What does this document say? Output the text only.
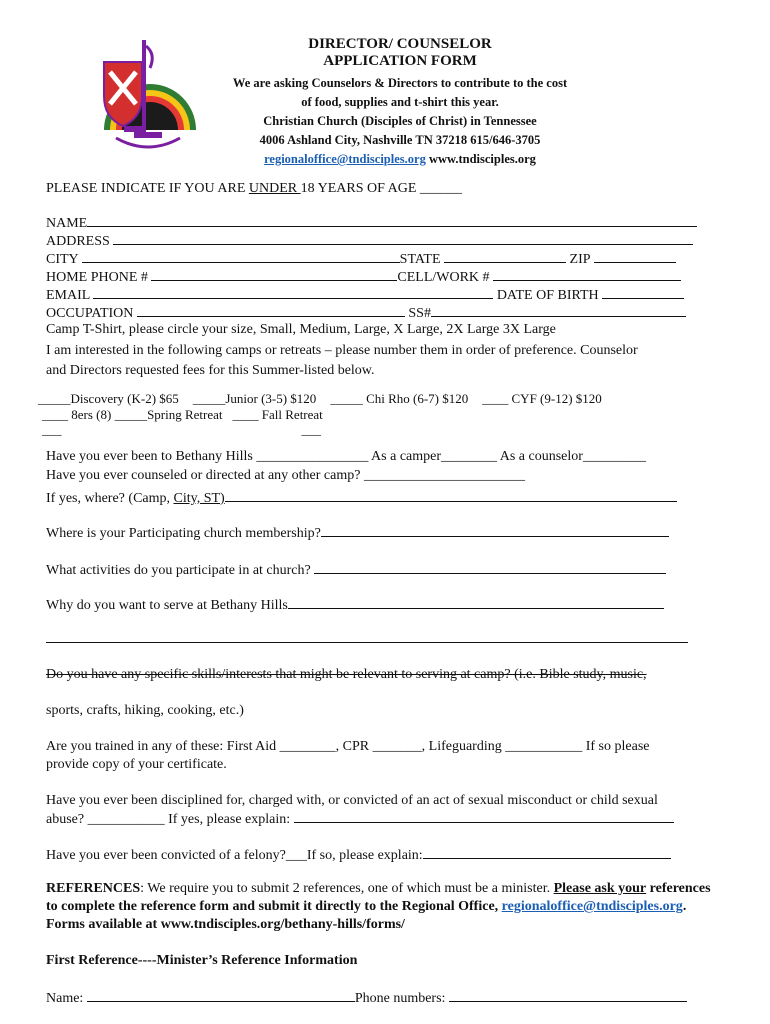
DIRECTOR/ COUNSELOR
APPLICATION FORM
We are asking Counselors & Directors to contribute to the cost
of food, supplies and t-shirt this year.
Christian Church (Disciples of Christ) in Tennessee
4006 Ashland City, Nashville TN 37218 615/646-3705
regionaloffice@tndisciples.org www.tndisciples.org
PLEASE INDICATE IF YOU ARE UNDER 18 YEARS OF AGE ______
NAME
ADDRESS
CITY	STATE	ZIP
HOME PHONE #	CELL/WORK #
EMAIL	DATE OF BIRTH
OCCUPATION	SS#
Camp T-Shirt, please circle your size, Small, Medium, Large, X Large, 2X Large 3X Large
I am interested in the following camps or retreats – please number them in order of preference. Counselor
and Directors requested fees for this Summer-listed below.
_____Discovery (K-2) $65 _____Junior (3-5) $120 _____ Chi Rho (6-7) $120 ____ CYF (9-12) $120
____ 8ers (8) _____Spring Retreat ____ Fall Retreat
___	___
Have you ever been to Bethany Hills ________________ As a camper________ As a counselor_________
Have you ever counseled or directed at any other camp? _______________________
If yes, where? (Camp, City, ST)
Where is your Participating church membership?
What activities do you participate in at church?
Why do you want to serve at Bethany Hills
Do you have any specific skills/interests that might be relevant to serving at camp? (i.e. Bible study, music,
sports, crafts, hiking, cooking, etc.)
Are you trained in any of these: First Aid ________, CPR _______, Lifeguarding ___________ If so please
provide copy of your certificate.
Have you ever been disciplined for, charged with, or convicted of an act of sexual misconduct or child sexual
abuse? ___________ If yes, please explain:
Have you ever been convicted of a felony?___If so, please explain:
REFERENCES: We require you to submit 2 references, one of which must be a minister. Please ask your references to complete the reference form and submit it directly to the Regional Office, regionaloffice@tndisciples.org. Forms available at www.tndisciples.org/bethany-hills/forms/
First Reference----Minister’s Reference Information
Name:	Phone numbers:
